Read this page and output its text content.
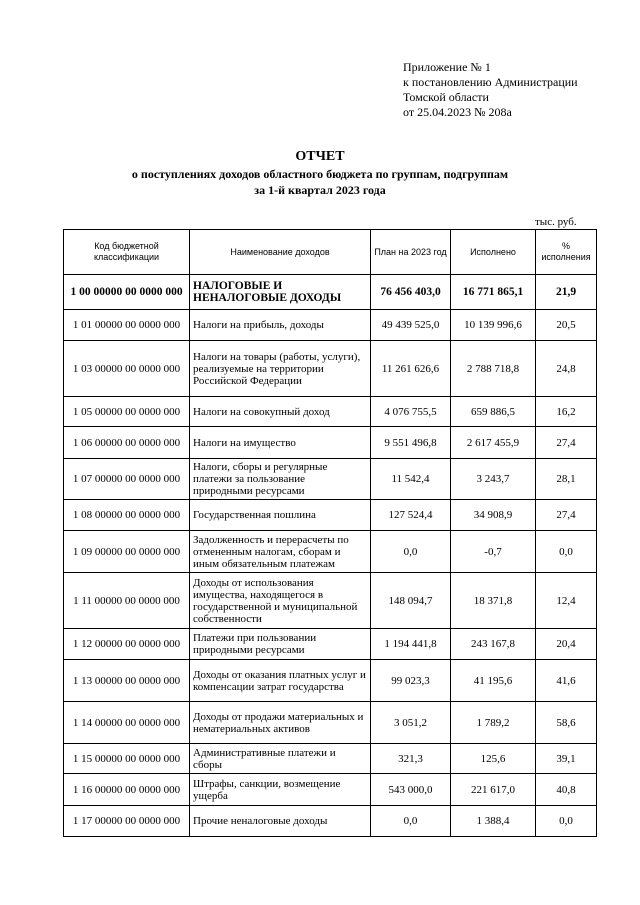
Приложение № 1
к постановлению Администрации
Томской области
от 25.04.2023 № 208а
ОТЧЕТ
о поступлениях доходов областного бюджета по группам, подгруппам
за 1-й квартал 2023 года
тыс. руб.
Код бюджетной классификации	Наименование доходов	План на 2023 год	Исполнено	% исполнения
1 00 00000 00 0000 000	НАЛОГОВЫЕ И НЕНАЛОГОВЫЕ ДОХОДЫ	76 456 403,0	16 771 865,1	21,9
1 01 00000 00 0000 000	Налоги на прибыль, доходы	49 439 525,0	10 139 996,6	20,5
1 03 00000 00 0000 000	Налоги на товары (работы, услуги), реализуемые на территории Российской Федерации	11 261 626,6	2 788 718,8	24,8
1 05 00000 00 0000 000	Налоги на совокупный доход	4 076 755,5	659 886,5	16,2
1 06 00000 00 0000 000	Налоги на имущество	9 551 496,8	2 617 455,9	27,4
1 07 00000 00 0000 000	Налоги, сборы и регулярные платежи за пользование природными ресурсами	11 542,4	3 243,7	28,1
1 08 00000 00 0000 000	Государственная пошлина	127 524,4	34 908,9	27,4
1 09 00000 00 0000 000	Задолженность и перерасчеты по отмененным налогам, сборам и иным обязательным платежам	0,0	-0,7	0,0
1 11 00000 00 0000 000	Доходы от использования имущества, находящегося в государственной и муниципальной собственности	148 094,7	18 371,8	12,4
1 12 00000 00 0000 000	Платежи при пользовании природными ресурсами	1 194 441,8	243 167,8	20,4
1 13 00000 00 0000 000	Доходы от оказания платных услуг и компенсации затрат государства	99 023,3	41 195,6	41,6
1 14 00000 00 0000 000	Доходы от продажи материальных и нематериальных активов	3 051,2	1 789,2	58,6
1 15 00000 00 0000 000	Административные платежи и сборы	321,3	125,6	39,1
1 16 00000 00 0000 000	Штрафы, санкции, возмещение ущерба	543 000,0	221 617,0	40,8
1 17 00000 00 0000 000	Прочие неналоговые доходы	0,0	1 388,4	0,0
